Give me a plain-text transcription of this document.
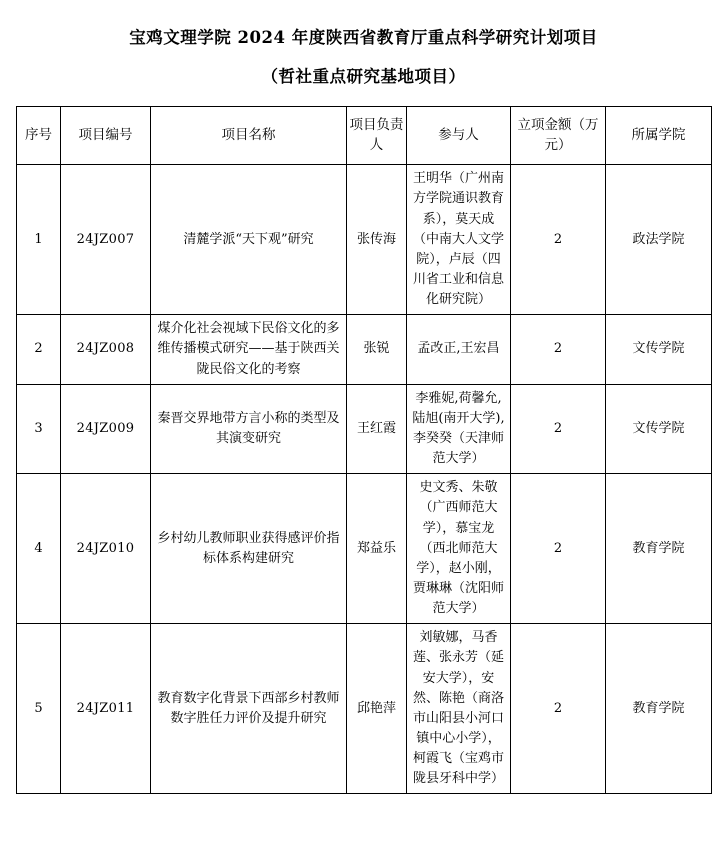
宝鸡文理学院 2024 年度陕西省教育厅重点科学研究计划项目
（哲社重点研究基地项目）
序号	项目编号	项目名称	项目负责人	参与人	立项金额（万元）	所属学院
1	24JZ007	清麓学派“天下观”研究	张传海	王明华（广州南方学院通识教育系），莫天成（中南大人文学院），卢辰（四川省工业和信息化研究院）	2	政法学院
2	24JZ008	煤介化社会视域下民俗文化的多维传播模式研究——基于陕西关陇民俗文化的考察	张锐	孟改正,王宏昌	2	文传学院
3	24JZ009	秦晋交界地带方言小称的类型及其演变研究	王红霞	李雅妮,荷馨允,陆旭(南开大学),李癸癸（天津师范大学）	2	文传学院
4	24JZ010	乡村幼儿教师职业获得感评价指标体系构建研究	郑益乐	史文秀、朱敬（广西师范大学），慕宝龙（西北师范大学），赵小刚，贾琳琳（沈阳师范大学）	2	教育学院
5	24JZ011	教育数字化背景下西部乡村教师数字胜任力评价及提升研究	邱艳萍	刘敏娜，马香莲、张永芳（延安大学），安然、陈艳（商洛市山阳县小河口镇中心小学），柯霞飞（宝鸡市陇县牙科中学）	2	教育学院
